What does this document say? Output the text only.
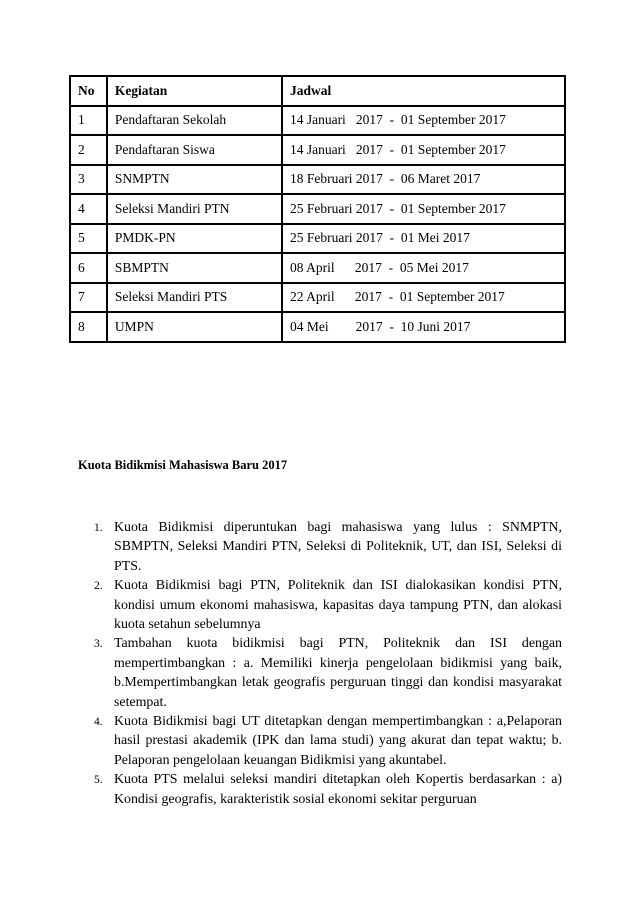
No	Kegiatan	Jadwal
1	Pendaftaran Sekolah	14 Januari   2017  -  01 September 2017
2	Pendaftaran Siswa	14 Januari   2017  -  01 September 2017
3	SNMPTN	18 Februari 2017  -  06 Maret 2017
4	Seleksi Mandiri PTN	25 Februari 2017  -  01 September 2017
5	PMDK-PN	25 Februari 2017  -  01 Mei 2017
6	SBMPTN	08 April      2017  -  05 Mei 2017
7	Seleksi Mandiri PTS	22 April      2017  -  01 September 2017
8	UMPN	04 Mei        2017  -  10 Juni 2017
Kuota Bidikmisi Mahasiswa Baru 2017
1. Kuota Bidikmisi diperuntukan bagi mahasiswa yang lulus : SNMPTN, SBMPTN, Seleksi Mandiri PTN, Seleksi di Politeknik, UT, dan ISI, Seleksi di PTS.
2. Kuota Bidikmisi bagi PTN, Politeknik dan ISI dialokasikan kondisi PTN, kondisi umum ekonomi mahasiswa, kapasitas daya tampung PTN, dan alokasi kuota setahun sebelumnya
3. Tambahan kuota bidikmisi bagi PTN, Politeknik dan ISI dengan mempertimbangkan : a. Memiliki kinerja pengelolaan bidikmisi yang baik, b.Mempertimbangkan letak geografis perguruan tinggi dan kondisi masyarakat setempat.
4. Kuota Bidikmisi bagi UT ditetapkan dengan mempertimbangkan : a,Pelaporan hasil prestasi akademik (IPK dan lama studi) yang akurat dan tepat waktu; b. Pelaporan pengelolaan keuangan Bidikmisi yang akuntabel.
5. Kuota PTS melalui seleksi mandiri ditetapkan oleh Kopertis berdasarkan : a) Kondisi geografis, karakteristik sosial ekonomi sekitar perguruan
